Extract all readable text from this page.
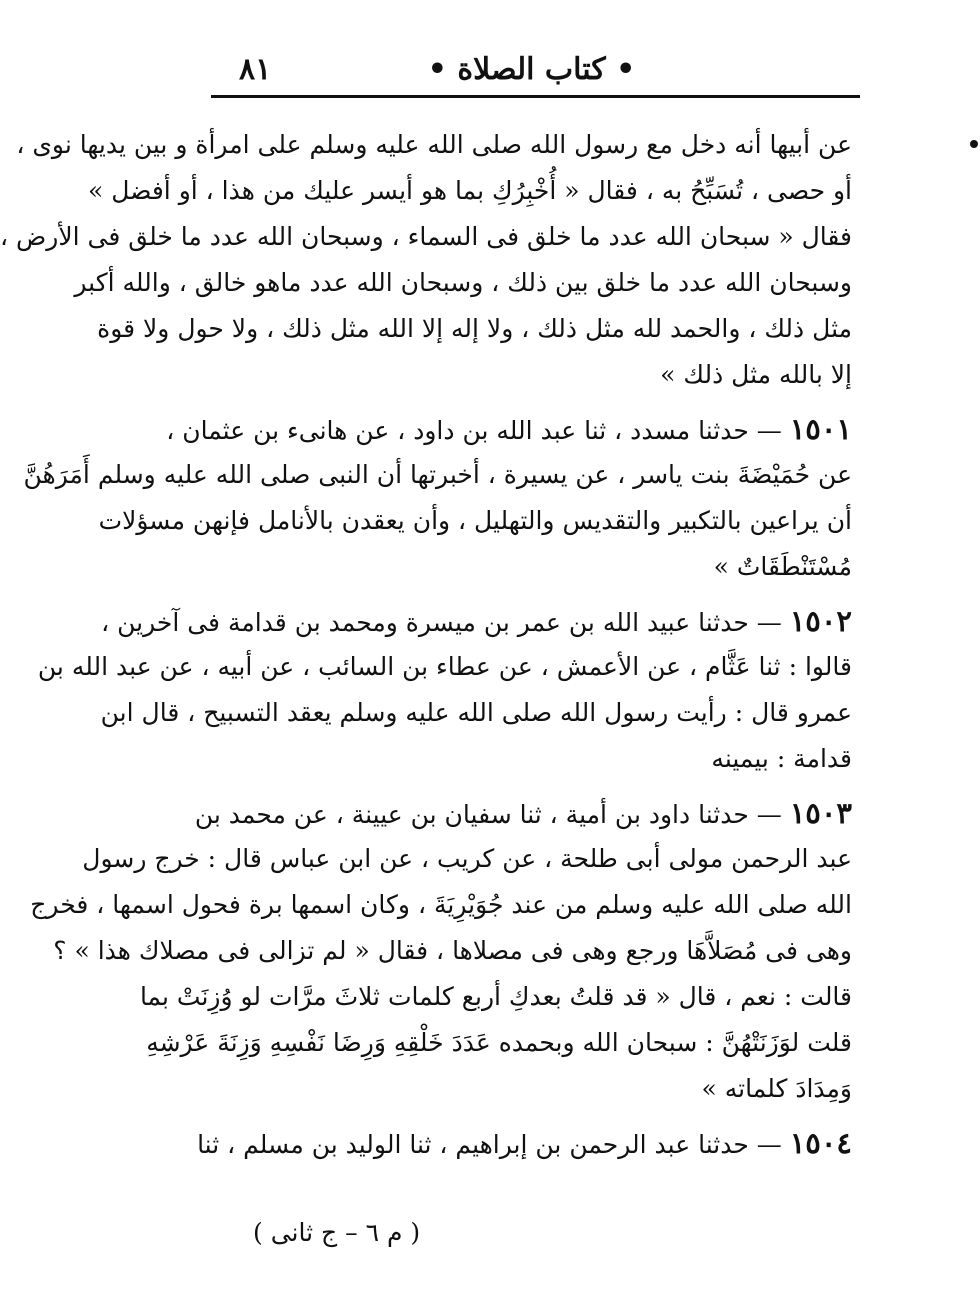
• كتاب الصلاة •
٨١
عن أبيها أنه دخل مع رسول الله صلى الله عليه وسلم على امرأة و بين يديها نوى ،
أو حصى ، تُسَبِّحُ به ، فقال « أُخْبِرُكِ بما هو أيسر عليك من هذا ، أو أفضل »
فقال « سبحان الله عدد ما خلق فى السماء ، وسبحان الله عدد ما خلق فى الأرض ،
وسبحان الله عدد ما خلق بين ذلك ، وسبحان الله عدد ماهو خالق ، والله أكبر
مثل ذلك ، والحمد لله مثل ذلك ، ولا إله إلا الله مثل ذلك ، ولا حول ولا قوة
إلا بالله مثل ذلك »
١٥٠١ — حدثنا مسدد ، ثنا عبد الله بن داود ، عن هانىء بن عثمان ،
عن حُمَيْضَةَ بنت ياسر ، عن يسيرة ، أخبرتها أن النبى صلى الله عليه وسلم أَمَرَهُنَّ
أن يراعين بالتكبير والتقديس والتهليل ، وأن يعقدن بالأنامل فإنهن مسؤلات
مُسْتَنْطَقَاتٌ »
١٥٠٢ — حدثنا عبيد الله بن عمر بن ميسرة ومحمد بن قدامة فى آخرين ،
قالوا : ثنا عَثَّام ، عن الأعمش ، عن عطاء بن السائب ، عن أبيه ، عن عبد الله بن
عمرو قال : رأيت رسول الله صلى الله عليه وسلم يعقد التسبيح ، قال ابن
قدامة : بيمينه
١٥٠٣ — حدثنا داود بن أمية ، ثنا سفيان بن عيينة ، عن محمد بن
عبد الرحمن مولى أبى طلحة ، عن كريب ، عن ابن عباس قال : خرج رسول
الله صلى الله عليه وسلم من عند جُوَيْرِيَةَ ، وكان اسمها برة فحول اسمها ، فخرج
وهى فى مُصَلاَّهَا ورجع وهى فى مصلاها ، فقال « لم تزالى فى مصلاك هذا » ؟
قالت : نعم ، قال « قد قلتُ بعدكِ أربع كلمات ثلاثَ مرَّات لو وُزِنَتْ بما
قلت لوَزَنَتْهُنَّ : سبحان الله وبحمده عَدَدَ خَلْقِهِ وَرِضَا نَفْسِهِ وَزِنَةَ عَرْشِهِ
وَمِدَادَ كلماته »
١٥٠٤ — حدثنا عبد الرحمن بن إبراهيم ، ثنا الوليد بن مسلم ، ثنا
( م ٦ – ج ثانى )
